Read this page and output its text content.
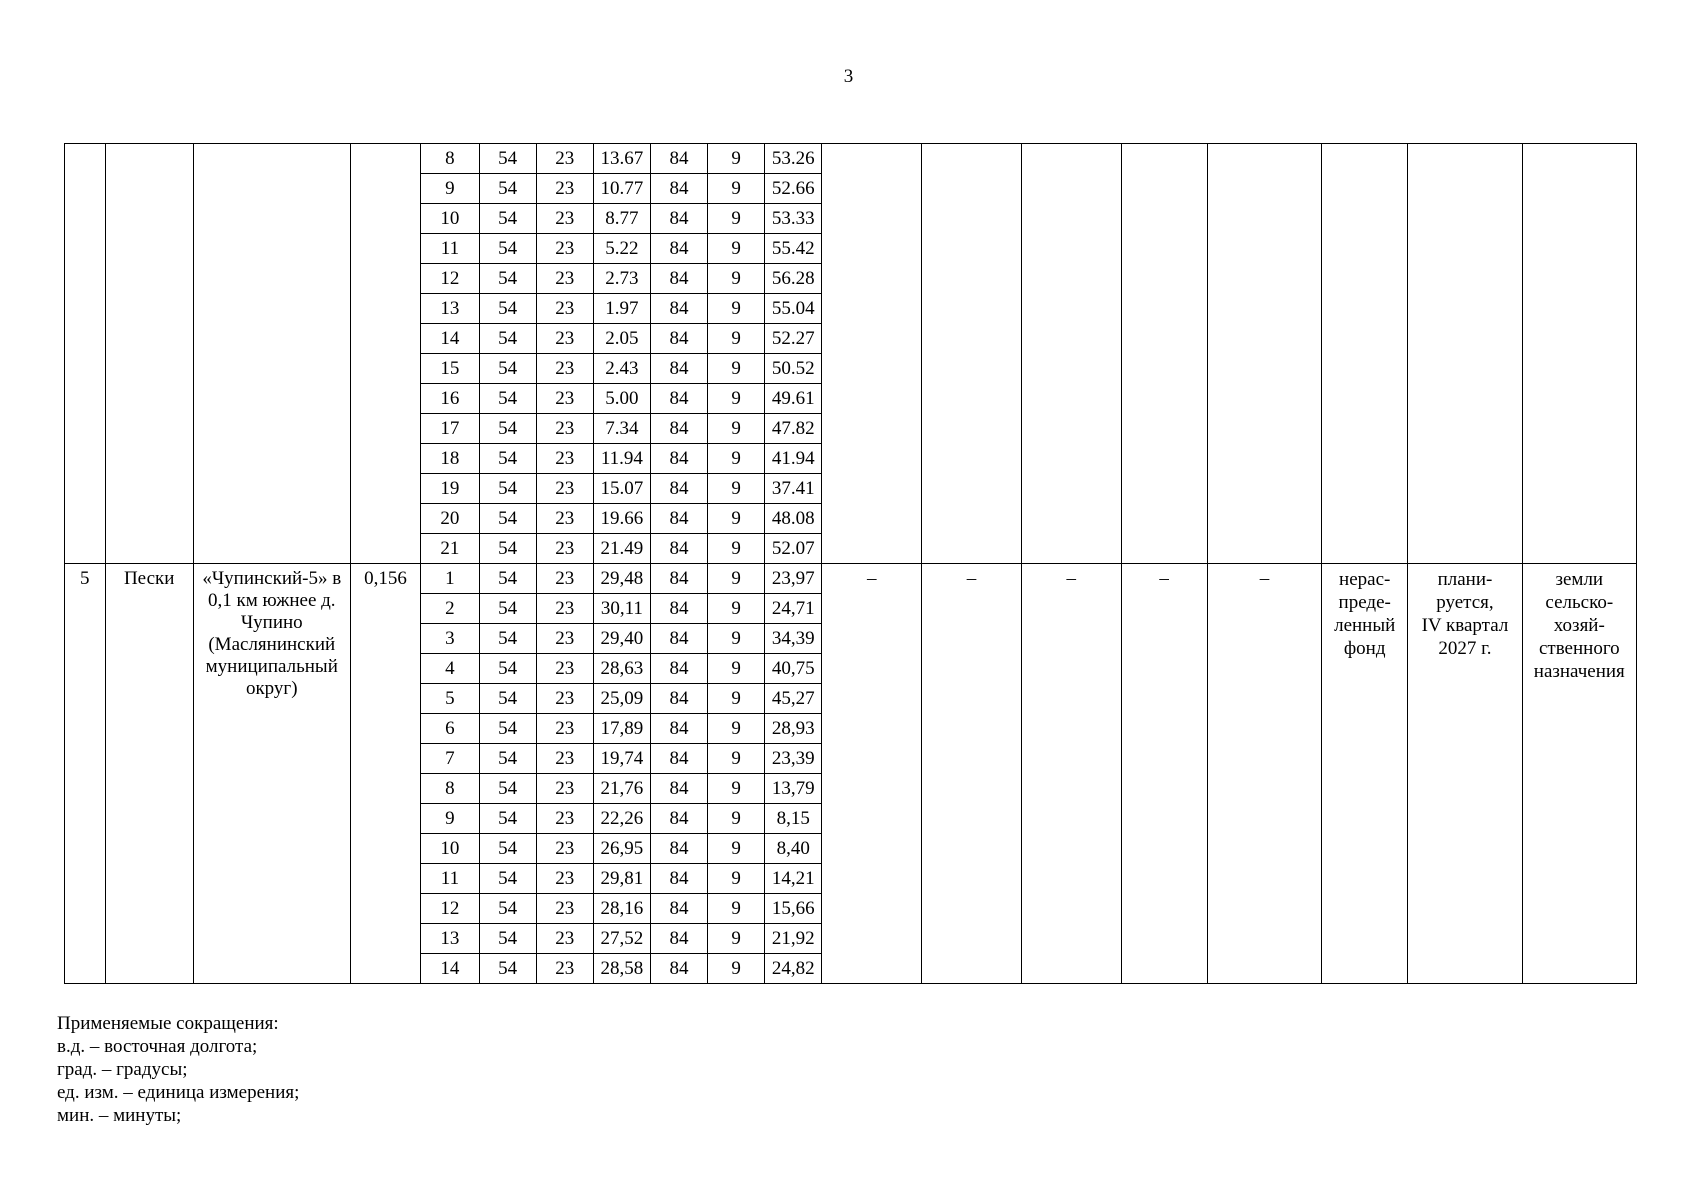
3
				8	54	23	13.67	84	9	53.26								
				9	54	23	10.77	84	9	52.66								
				10	54	23	8.77	84	9	53.33								
				11	54	23	5.22	84	9	55.42								
				12	54	23	2.73	84	9	56.28								
				13	54	23	1.97	84	9	55.04								
				14	54	23	2.05	84	9	52.27								
				15	54	23	2.43	84	9	50.52								
				16	54	23	5.00	84	9	49.61								
				17	54	23	7.34	84	9	47.82								
				18	54	23	11.94	84	9	41.94								
				19	54	23	15.07	84	9	37.41								
				20	54	23	19.66	84	9	48.08								
				21	54	23	21.49	84	9	52.07								
5	Пески	«Чупинский-5» в 0,1 км южнее д. Чупино (Маслянинский муниципальный округ)	0,156	1	54	23	29,48	84	9	23,97	–	–	–	–	–	нерас-
преде-
ленный
фонд	плани-
руется,
IV квартал
2027 г.	земли
сельско-
хозяй-
ственного
назначения
				2	54	23	30,11	84	9	24,71								
				3	54	23	29,40	84	9	34,39								
				4	54	23	28,63	84	9	40,75								
				5	54	23	25,09	84	9	45,27								
				6	54	23	17,89	84	9	28,93								
				7	54	23	19,74	84	9	23,39								
				8	54	23	21,76	84	9	13,79								
				9	54	23	22,26	84	9	8,15								
				10	54	23	26,95	84	9	8,40								
				11	54	23	29,81	84	9	14,21								
				12	54	23	28,16	84	9	15,66								
				13	54	23	27,52	84	9	21,92								
				14	54	23	28,58	84	9	24,82								
Применяемые сокращения:
в.д. – восточная долгота;
град. – градусы;
ед. изм. – единица измерения;
мин. – минуты;
